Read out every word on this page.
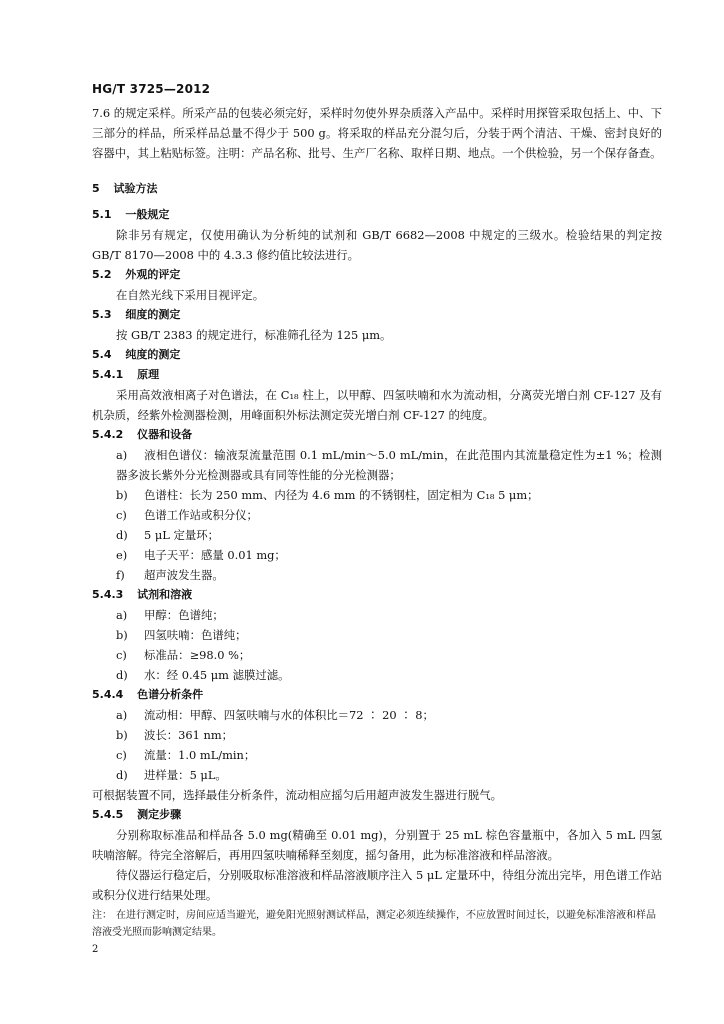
HG/T 3725—2012

7.6 的规定采样。所采产品的包装必须完好，采样时勿使外界杂质落入产品中。采样时用探管采取包括上、中、下三部分的样品，所采样品总量不得少于 500 g。将采取的样品充分混匀后，分装于两个清洁、干燥、密封良好的容器中，其上粘贴标签。注明：产品名称、批号、生产厂名称、取样日期、地点。一个供检验，另一个保存备查。

5 试验方法
5.1 一般规定

除非另有规定，仅使用确认为分析纯的试剂和 GB/T 6682—2008 中规定的三级水。检验结果的判定按 GB/T 8170—2008 中的 4.3.3 修约值比较法进行。

5.2 外观的评定

在自然光线下采用目视评定。

5.3 细度的测定

按 GB/T 2383 的规定进行，标准筛孔径为 125 μm。

5.4 纯度的测定
5.4.1 原理

采用高效液相离子对色谱法，在 C₁₈ 柱上，以甲醇、四氢呋喃和水为流动相，分离荧光增白剂 CF-127 及有机杂质，经紫外检测器检测，用峰面积外标法测定荧光增白剂 CF-127 的纯度。

5.4.2 仪器和设备

a) 液相色谱仪：输液泵流量范围 0.1 mL/min～5.0 mL/min，在此范围内其流量稳定性为±1 %；检测器多波长紫外分光检测器或具有同等性能的分光检测器；

b) 色谱柱：长为 250 mm、内径为 4.6 mm 的不锈钢柱，固定相为 C₁₈ 5 μm；

c) 色谱工作站或积分仪；

d) 5 μL 定量环；

e) 电子天平：感量 0.01 mg；

f) 超声波发生器。

5.4.3 试剂和溶液

a) 甲醇：色谱纯；

b) 四氢呋喃：色谱纯；

c) 标准品：≥98.0 %；

d) 水：经 0.45 μm 滤膜过滤。

5.4.4 色谱分析条件

a) 流动相：甲醇、四氢呋喃与水的体积比＝72 ∶ 20 ∶ 8；

b) 波长：361 nm；

c) 流量：1.0 mL/min；

d) 进样量：5 μL。

可根据装置不同，选择最佳分析条件，流动相应摇匀后用超声波发生器进行脱气。

5.4.5 测定步骤

分别称取标准品和样品各 5.0 mg(精确至 0.01 mg)，分别置于 25 mL 棕色容量瓶中，各加入 5 mL 四氢呋喃溶解。待完全溶解后，再用四氢呋喃稀释至刻度，摇匀备用，此为标准溶液和样品溶液。

待仪器运行稳定后，分别吸取标准溶液和样品溶液顺序注入 5 μL 定量环中，待组分流出完毕，用色谱工作站或积分仪进行结果处理。

注： 在进行测定时，房间应适当避光，避免阳光照射测试样品，测定必须连续操作，不应放置时间过长，以避免标准溶液和样品溶液受光照而影响测定结果。

2
